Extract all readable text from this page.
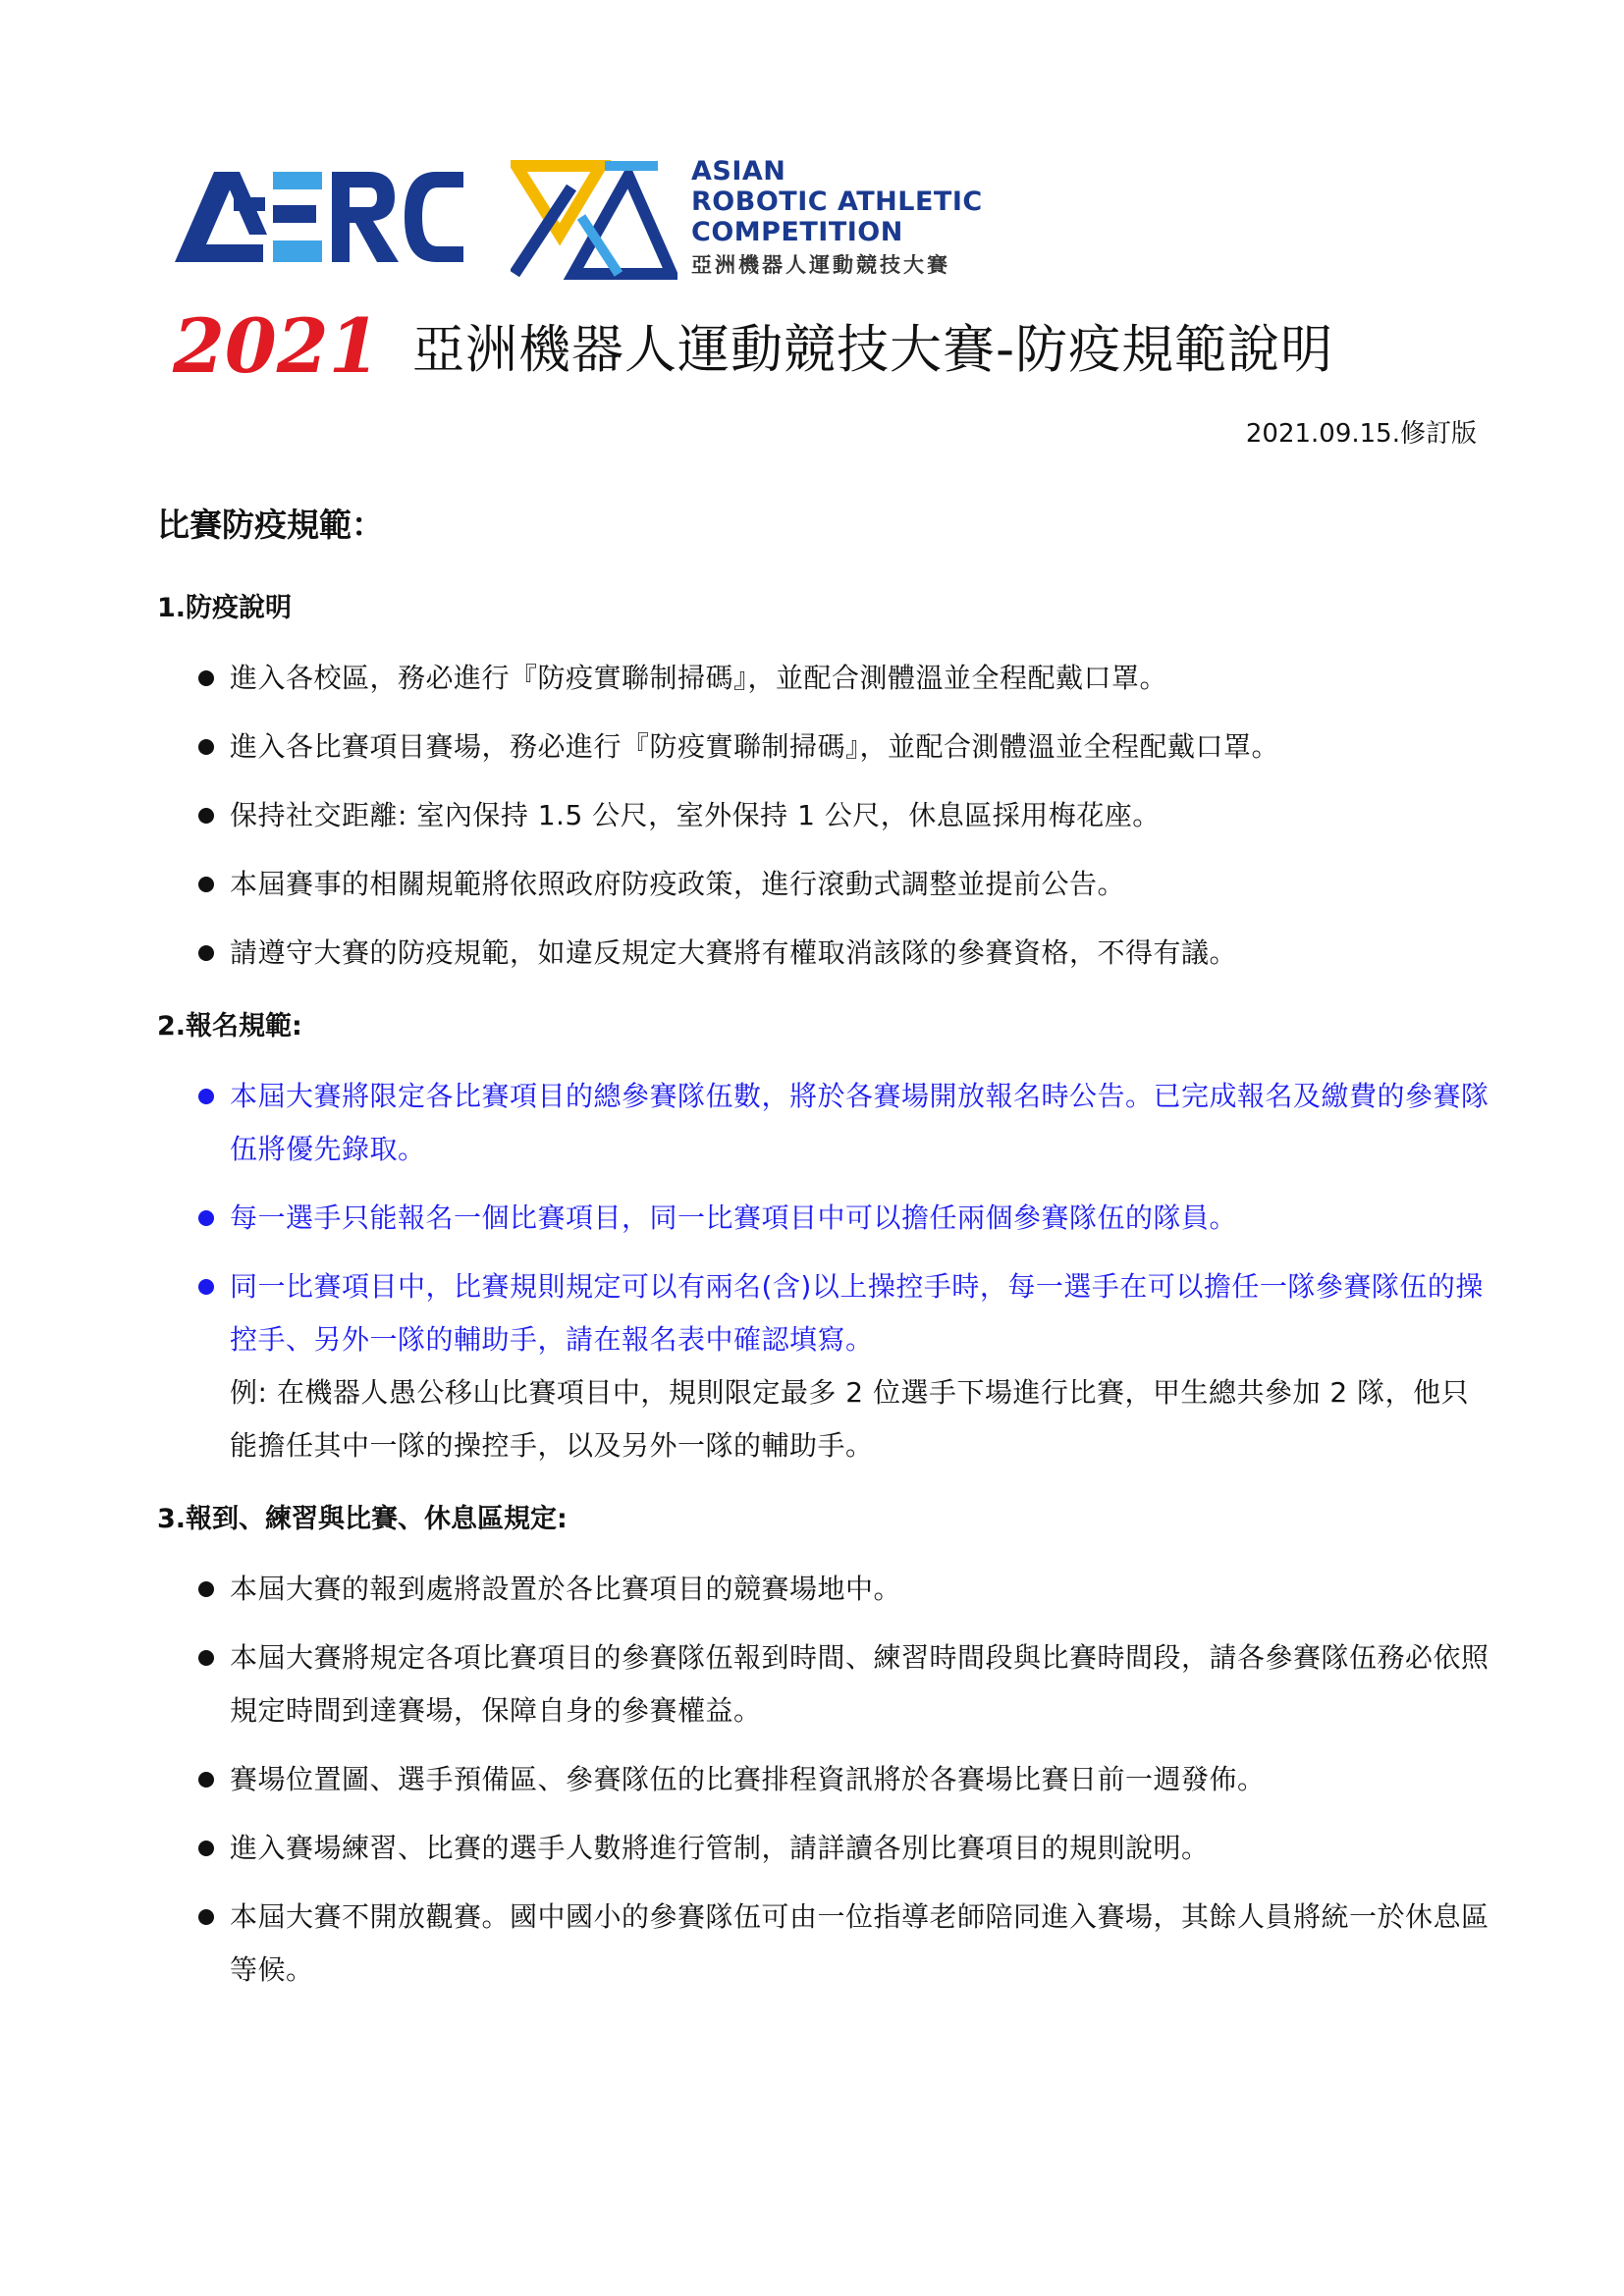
ASIAN
ROBOTIC ATHLETIC
COMPETITION
亞洲機器人運動競技大賽
2021 亞洲機器人運動競技大賽-防疫規範說明
2021.09.15.修訂版
比賽防疫規範：
1.防疫說明
進入各校區，務必進行『防疫實聯制掃碼』，並配合測體溫並全程配戴口罩。
進入各比賽項目賽場，務必進行『防疫實聯制掃碼』，並配合測體溫並全程配戴口罩。
保持社交距離: 室內保持 1.5 公尺，室外保持 1 公尺，休息區採用梅花座。
本屆賽事的相關規範將依照政府防疫政策，進行滾動式調整並提前公告。
請遵守大賽的防疫規範，如違反規定大賽將有權取消該隊的參賽資格，不得有議。
2.報名規範:
本屆大賽將限定各比賽項目的總參賽隊伍數，將於各賽場開放報名時公告。已完成報名及繳費的參賽隊伍將優先錄取。
每一選手只能報名一個比賽項目，同一比賽項目中可以擔任兩個參賽隊伍的隊員。
同一比賽項目中，比賽規則規定可以有兩名(含)以上操控手時，每一選手在可以擔任一隊參賽隊伍的操控手、另外一隊的輔助手，請在報名表中確認填寫。
例: 在機器人愚公移山比賽項目中，規則限定最多 2 位選手下場進行比賽，甲生總共參加 2 隊，他只能擔任其中一隊的操控手，以及另外一隊的輔助手。
3.報到、練習與比賽、休息區規定:
本屆大賽的報到處將設置於各比賽項目的競賽場地中。
本屆大賽將規定各項比賽項目的參賽隊伍報到時間、練習時間段與比賽時間段，請各參賽隊伍務必依照規定時間到達賽場，保障自身的參賽權益。
賽場位置圖、選手預備區、參賽隊伍的比賽排程資訊將於各賽場比賽日前一週發佈。
進入賽場練習、比賽的選手人數將進行管制，請詳讀各別比賽項目的規則說明。
本屆大賽不開放觀賽。國中國小的參賽隊伍可由一位指導老師陪同進入賽場，其餘人員將統一於休息區等候。
